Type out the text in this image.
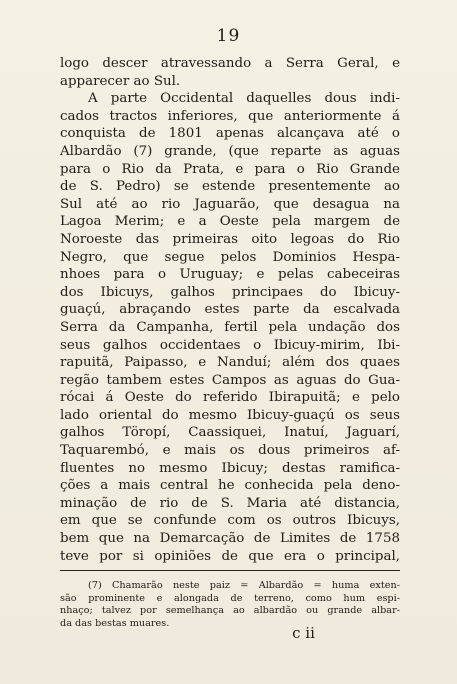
19
logo descer atravessando a Serra Geral, e
apparecer ao Sul.
A parte Occidental daquelles dous indi-
cados tractos inferiores, que anteriormente á
conquista de 1801 apenas alcançava até o
Albardão (7) grande, (que reparte as aguas
para o Rio da Prata, e para o Rio Grande
de S. Pedro) se estende presentemente ao
Sul até ao rio Jaguarão, que desagua na
Lagoa Merim; e a Oeste pela margem de
Noroeste das primeiras oito legoas do Rio
Negro, que segue pelos Dominios Hespa-
nhoes para o Uruguay; e pelas cabeceiras
dos Ibicuys, galhos principaes do Ibicuy-
guaçú, abraçando estes parte da escalvada
Serra da Campanha, fertil pela undação dos
seus galhos occidentaes o Ibicuy-mirim, Ibi-
rapuitã, Paipasso, e Nanduí; além dos quaes
regão tambem estes Campos as aguas do Gua-
rócai á Oeste do referido Ibirapuitã; e pelo
lado oriental do mesmo Ibicuy-guaçú os seus
galhos Töropí, Caassiquei, Inatuí, Jaguarí,
Taquarembó, e mais os dous primeiros af-
fluentes no mesmo Ibicuy; destas ramifica-
ções a mais central he conhecida pela deno-
minação de rio de S. Maria até distancia,
em que se confunde com os outros Ibicuys,
bem que na Demarcação de Limites de 1758
teve por si opiniões de que era o principal,
(7) Chamarão neste paiz = Albardão = huma exten-
são prominente e alongada de terreno, como hum espi-
nhaço; talvez por semelhança ao albardão ou grande albar-
da das bestas muares.
c ii
